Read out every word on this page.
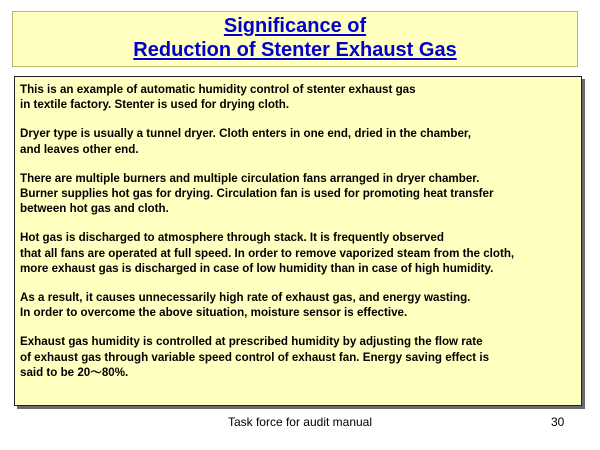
Significance of
Reduction of Stenter Exhaust Gas
This is an example of automatic humidity control of stenter exhaust gas
in textile factory. Stenter is used for drying cloth.
Dryer type is usually a tunnel dryer. Cloth enters in one end, dried in the chamber,
and leaves other end.
There are multiple burners and multiple circulation fans arranged in dryer chamber.
Burner supplies hot gas for drying. Circulation fan is used for promoting heat transfer
between hot gas and cloth.
Hot gas is discharged to atmosphere through stack. It is frequently observed
that all fans are operated at full speed. In order to remove vaporized steam from the cloth,
more exhaust gas is discharged in case of low humidity than in case of high humidity.
As a result, it causes unnecessarily high rate of exhaust gas, and energy wasting.
In order to overcome the above situation, moisture sensor is effective.
Exhaust gas humidity is controlled at prescribed humidity by adjusting the flow rate
of exhaust gas through variable speed control of exhaust fan. Energy saving effect is
said to be 20～80%.
Task force for audit manual	30
